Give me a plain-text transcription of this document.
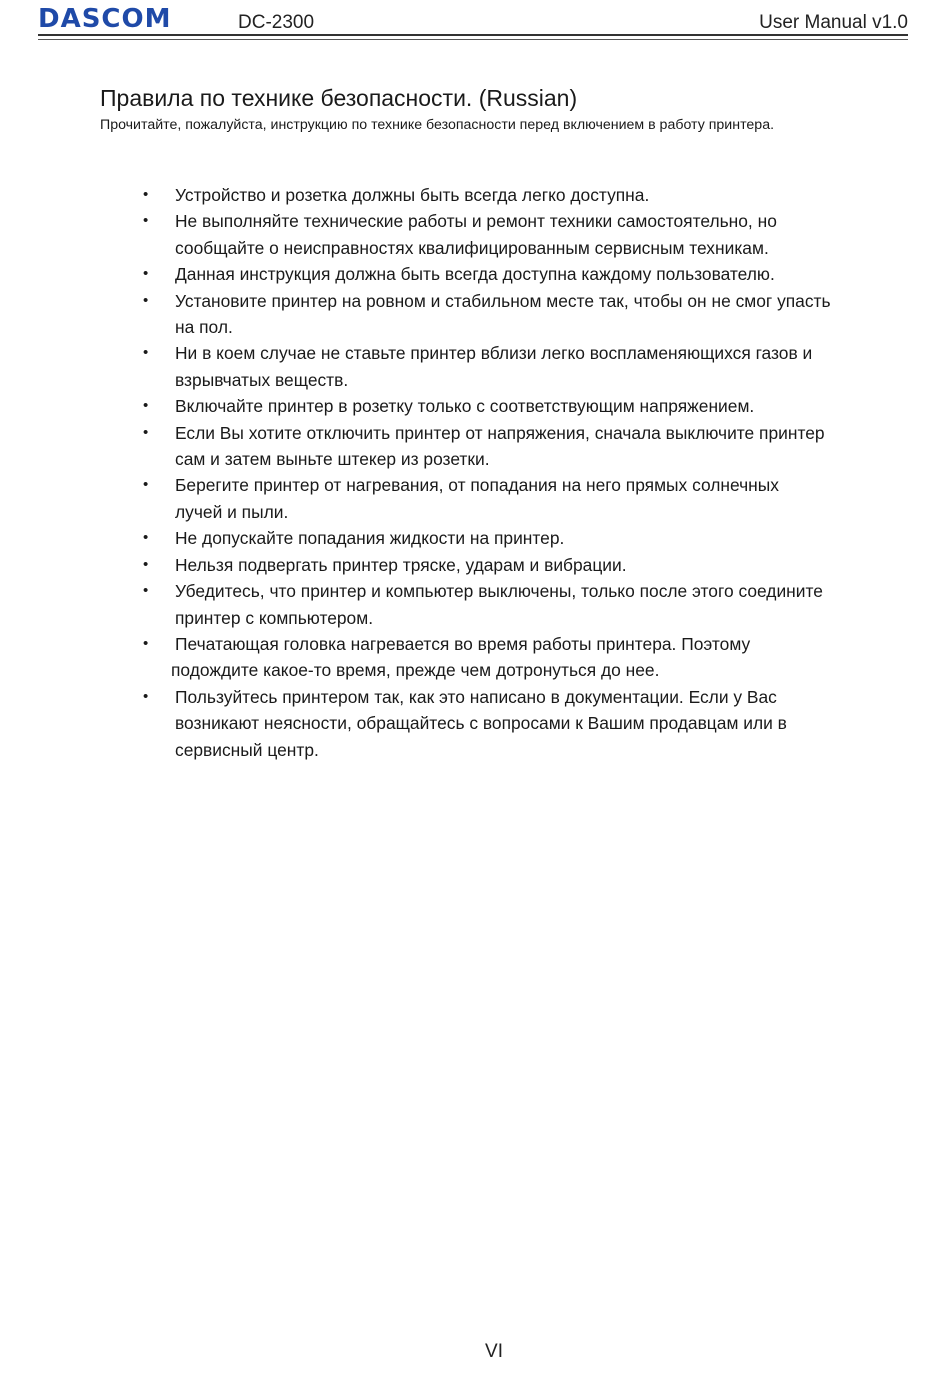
DASCOM	DC-2300	User Manual v1.0
Правила по технике безопасности. (Russian)
Прочитайте, пожалуйста, инструкцию по технике безопасности перед включением в работу принтера.
• Устройство и розетка должны быть всегда легко доступна.
• Не выполняйте технические работы и ремонт техники самостоятельно, но
сообщайте о неисправностях квалифицированным сервисным техникам.
• Данная инструкция должна быть всегда доступна каждому пользователю.
• Установите принтер на ровном и стабильном месте так, чтобы он не смог упасть
на пол.
• Ни в коем случае не ставьте принтер вблизи легко воспламеняющихся газов и
взрывчатых веществ.
• Включайте принтер в розетку только с соответствующим напряжением.
• Если Вы хотите отключить принтер от напряжения, сначала выключите принтер
сам и затем выньте штекер из розетки.
• Берегите принтер от нагревания, от попадания на него прямых солнечных
лучей и пыли.
• Не допускайте попадания жидкости на принтер.
• Нельзя подвергать принтер тряске, ударам и вибрации.
• Убедитесь, что принтер и компьютер выключены, только после этого соедините
принтер с компьютером.
• Печатающая головка нагревается во время работы принтера. Поэтому
подождите какое-то время, прежде чем дотронуться до нее.
• Пользуйтесь принтером так, как это написано в документации. Если у Вас
возникают неясности, обращайтесь с вопросами к Вашим продавцам или в
сервисный центр.
VI
